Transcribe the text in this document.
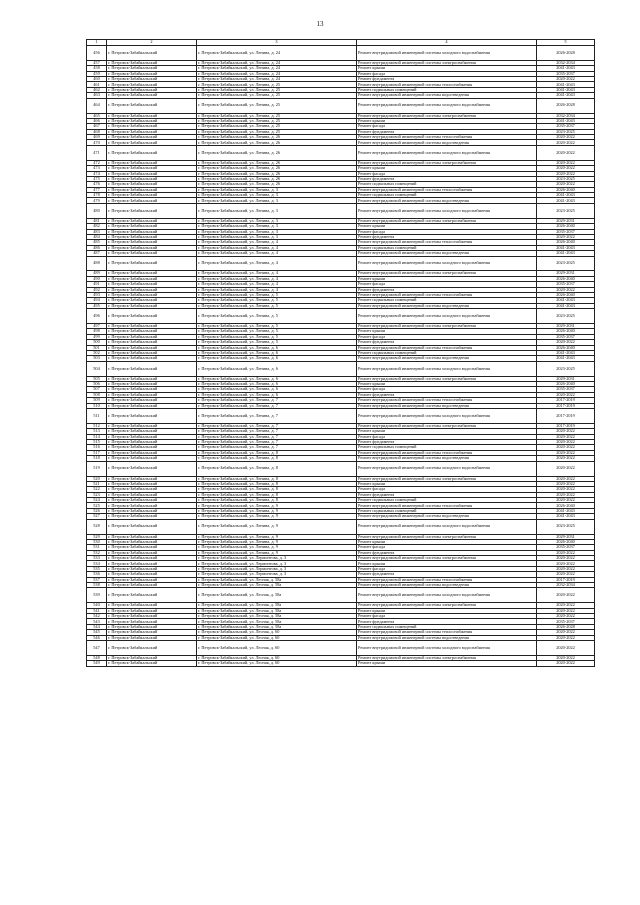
13
1	2	3	4	5
456	г. Петровск-Забайкальский	г. Петровск-Забайкальский, ул. Ленина, д. 24	Ремонт внутридомовой инженерной системы холодного водоснабжения	2026-2028
457	г. Петровск-Забайкальский	г. Петровск-Забайкальский, ул. Ленина, д. 24	Ремонт внутридомовой инженерной системы электроснабжения	2032-2034
458	г. Петровск-Забайкальский	г. Петровск-Забайкальский, ул. Ленина, д. 24	Ремонт крыши	2041-2043
459	г. Петровск-Забайкальский	г. Петровск-Забайкальский, ул. Ленина, д. 24	Ремонт фасада	2035-2037
460	г. Петровск-Забайкальский	г. Петровск-Забайкальский, ул. Ленина, д. 24	Ремонт фундамента	2020-2022
461	г. Петровск-Забайкальский	г. Петровск-Забайкальский, ул. Ленина, д. 25	Ремонт внутридомовой инженерной системы теплоснабжения	2041-2043
462	г. Петровск-Забайкальский	г. Петровск-Забайкальский, ул. Ленина, д. 25	Ремонт подвальных помещений	2041-2043
463	г. Петровск-Забайкальский	г. Петровск-Забайкальский, ул. Ленина, д. 25	Ремонт внутридомовой инженерной системы водоотведения	2041-2043
464	г. Петровск-Забайкальский	г. Петровск-Забайкальский, ул. Ленина, д. 25	Ремонт внутридомовой инженерной системы холодного водоснабжения	2026-2028
465	г. Петровск-Забайкальский	г. Петровск-Забайкальский, ул. Ленина, д. 25	Ремонт внутридомовой инженерной системы электроснабжения	2032-2034
466	г. Петровск-Забайкальский	г. Петровск-Забайкальский, ул. Ленина, д. 25	Ремонт крыши	2041-2043
467	г. Петровск-Забайкальский	г. Петровск-Забайкальский, ул. Ленина, д. 25	Ремонт фасада	2035-2037
468	г. Петровск-Забайкальский	г. Петровск-Забайкальский, ул. Ленина, д. 25	Ремонт фундамента	2023-2025
469	г. Петровск-Забайкальский	г. Петровск-Забайкальский, ул. Ленина, д. 26	Ремонт внутридомовой инженерной системы теплоснабжения	2020-2022
470	г. Петровск-Забайкальский	г. Петровск-Забайкальский, ул. Ленина, д. 26	Ремонт внутридомовой инженерной системы водоотведения	2020-2022
471	г. Петровск-Забайкальский	г. Петровск-Забайкальский, ул. Ленина, д. 26	Ремонт внутридомовой инженерной системы холодного водоснабжения	2020-2022
472	г. Петровск-Забайкальский	г. Петровск-Забайкальский, ул. Ленина, д. 26	Ремонт внутридомовой инженерной системы электроснабжения	2020-2022
473	г. Петровск-Забайкальский	г. Петровск-Забайкальский, ул. Ленина, д. 26	Ремонт крыши	2020-2022
474	г. Петровск-Забайкальский	г. Петровск-Забайкальский, ул. Ленина, д. 26	Ремонт фасада	2020-2022
475	г. Петровск-Забайкальский	г. Петровск-Забайкальский, ул. Ленина, д. 26	Ремонт фундамента	2023-2025
476	г. Петровск-Забайкальский	г. Петровск-Забайкальский, ул. Ленина, д. 26	Ремонт подвальных помещений	2020-2022
477	г. Петровск-Забайкальский	г. Петровск-Забайкальский, ул. Ленина, д. 3	Ремонт внутридомовой инженерной системы теплоснабжения	2026-2040
478	г. Петровск-Забайкальский	г. Петровск-Забайкальский, ул. Ленина, д. 3	Ремонт подвальных помещений	2041-2043
479	г. Петровск-Забайкальский	г. Петровск-Забайкальский, ул. Ленина, д. 3	Ремонт внутридомовой инженерной системы водоотведения	2041-2043
480	г. Петровск-Забайкальский	г. Петровск-Забайкальский, ул. Ленина, д. 3	Ремонт внутридомовой инженерной системы холодного водоснабжения	2023-2025
481	г. Петровск-Забайкальский	г. Петровск-Забайкальский, ул. Ленина, д. 3	Ремонт внутридомовой инженерной системы электроснабжения	2029-2031
482	г. Петровск-Забайкальский	г. Петровск-Забайкальский, ул. Ленина, д. 3	Ремонт крыши	2026-2040
483	г. Петровск-Забайкальский	г. Петровск-Забайкальский, ул. Ленина, д. 3	Ремонт фасада	2035-2037
484	г. Петровск-Забайкальский	г. Петровск-Забайкальский, ул. Ленина, д. 3	Ремонт фундамента	2020-2022
485	г. Петровск-Забайкальский	г. Петровск-Забайкальский, ул. Ленина, д. 4	Ремонт внутридомовой инженерной системы теплоснабжения	2026-2040
486	г. Петровск-Забайкальский	г. Петровск-Забайкальский, ул. Ленина, д. 4	Ремонт подвальных помещений	2041-2043
487	г. Петровск-Забайкальский	г. Петровск-Забайкальский, ул. Ленина, д. 4	Ремонт внутридомовой инженерной системы водоотведения	2041-2043
488	г. Петровск-Забайкальский	г. Петровск-Забайкальский, ул. Ленина, д. 4	Ремонт внутридомовой инженерной системы холодного водоснабжения	2023-2025
489	г. Петровск-Забайкальский	г. Петровск-Забайкальский, ул. Ленина, д. 4	Ремонт внутридомовой инженерной системы электроснабжения	2029-2031
490	г. Петровск-Забайкальский	г. Петровск-Забайкальский, ул. Ленина, д. 4	Ремонт крыши	2026-2040
491	г. Петровск-Забайкальский	г. Петровск-Забайкальский, ул. Ленина, д. 4	Ремонт фасада	2035-2037
492	г. Петровск-Забайкальский	г. Петровск-Забайкальский, ул. Ленина, д. 4	Ремонт фундамента	2020-2022
493	г. Петровск-Забайкальский	г. Петровск-Забайкальский, ул. Ленина, д. 5	Ремонт внутридомовой инженерной системы теплоснабжения	2026-2040
494	г. Петровск-Забайкальский	г. Петровск-Забайкальский, ул. Ленина, д. 5	Ремонт подвальных помещений	2041-2043
495	г. Петровск-Забайкальский	г. Петровск-Забайкальский, ул. Ленина, д. 5	Ремонт внутридомовой инженерной системы водоотведения	2041-2043
496	г. Петровск-Забайкальский	г. Петровск-Забайкальский, ул. Ленина, д. 5	Ремонт внутридомовой инженерной системы холодного водоснабжения	2023-2025
497	г. Петровск-Забайкальский	г. Петровск-Забайкальский, ул. Ленина, д. 5	Ремонт внутридомовой инженерной системы электроснабжения	2029-2031
498	г. Петровск-Забайкальский	г. Петровск-Забайкальский, ул. Ленина, д. 5	Ремонт крыши	2026-2040
499	г. Петровск-Забайкальский	г. Петровск-Забайкальский, ул. Ленина, д. 5	Ремонт фасада	2035-2037
500	г. Петровск-Забайкальский	г. Петровск-Забайкальский, ул. Ленина, д. 5	Ремонт фундамента	2020-2022
501	г. Петровск-Забайкальский	г. Петровск-Забайкальский, ул. Ленина, д. 6	Ремонт внутридомовой инженерной системы теплоснабжения	2026-2040
502	г. Петровск-Забайкальский	г. Петровск-Забайкальский, ул. Ленина, д. 6	Ремонт подвальных помещений	2041-2043
503	г. Петровск-Забайкальский	г. Петровск-Забайкальский, ул. Ленина, д. 6	Ремонт внутридомовой инженерной системы водоотведения	2041-2043
504	г. Петровск-Забайкальский	г. Петровск-Забайкальский, ул. Ленина, д. 6	Ремонт внутридомовой инженерной системы холодного водоснабжения	2023-2025
505	г. Петровск-Забайкальский	г. Петровск-Забайкальский, ул. Ленина, д. 6	Ремонт внутридомовой инженерной системы электроснабжения	2029-2031
506	г. Петровск-Забайкальский	г. Петровск-Забайкальский, ул. Ленина, д. 6	Ремонт крыши	2026-2040
507	г. Петровск-Забайкальский	г. Петровск-Забайкальский, ул. Ленина, д. 6	Ремонт фасада	2035-2037
508	г. Петровск-Забайкальский	г. Петровск-Забайкальский, ул. Ленина, д. 6	Ремонт фундамента	2020-2022
509	г. Петровск-Забайкальский	г. Петровск-Забайкальский, ул. Ленина, д. 7	Ремонт внутридомовой инженерной системы теплоснабжения	2017-2019
510	г. Петровск-Забайкальский	г. Петровск-Забайкальский, ул. Ленина, д. 7	Ремонт внутридомовой инженерной системы водоотведения	2017-2019
511	г. Петровск-Забайкальский	г. Петровск-Забайкальский, ул. Ленина, д. 7	Ремонт внутридомовой инженерной системы холодного водоснабжения	2017-2019
512	г. Петровск-Забайкальский	г. Петровск-Забайкальский, ул. Ленина, д. 7	Ремонт внутридомовой инженерной системы электроснабжения	2017-2019
513	г. Петровск-Забайкальский	г. Петровск-Забайкальский, ул. Ленина, д. 7	Ремонт крыши	2020-2022
514	г. Петровск-Забайкальский	г. Петровск-Забайкальский, ул. Ленина, д. 7	Ремонт фасада	2020-2022
515	г. Петровск-Забайкальский	г. Петровск-Забайкальский, ул. Ленина, д. 7	Ремонт фундамента	2020-2022
516	г. Петровск-Забайкальский	г. Петровск-Забайкальский, ул. Ленина, д. 7	Ремонт подвальных помещений	2020-2022
517	г. Петровск-Забайкальский	г. Петровск-Забайкальский, ул. Ленина, д. 8	Ремонт внутридомовой инженерной системы теплоснабжения	2020-2022
518	г. Петровск-Забайкальский	г. Петровск-Забайкальский, ул. Ленина, д. 8	Ремонт внутридомовой инженерной системы водоотведения	2020-2022
519	г. Петровск-Забайкальский	г. Петровск-Забайкальский, ул. Ленина, д. 8	Ремонт внутридомовой инженерной системы холодного водоснабжения	2020-2022
520	г. Петровск-Забайкальский	г. Петровск-Забайкальский, ул. Ленина, д. 8	Ремонт внутридомовой инженерной системы электроснабжения	2020-2022
521	г. Петровск-Забайкальский	г. Петровск-Забайкальский, ул. Ленина, д. 8	Ремонт крыши	2020-2022
522	г. Петровск-Забайкальский	г. Петровск-Забайкальский, ул. Ленина, д. 8	Ремонт фасада	2020-2022
523	г. Петровск-Забайкальский	г. Петровск-Забайкальский, ул. Ленина, д. 8	Ремонт фундамента	2020-2022
524	г. Петровск-Забайкальский	г. Петровск-Забайкальский, ул. Ленина, д. 8	Ремонт подвальных помещений	2020-2022
525	г. Петровск-Забайкальский	г. Петровск-Забайкальский, ул. Ленина, д. 9	Ремонт внутридомовой инженерной системы теплоснабжения	2026-2040
526	г. Петровск-Забайкальский	г. Петровск-Забайкальский, ул. Ленина, д. 9	Ремонт подвальных помещений	2041-2043
527	г. Петровск-Забайкальский	г. Петровск-Забайкальский, ул. Ленина, д. 9	Ремонт внутридомовой инженерной системы водоотведения	2041-2043
528	г. Петровск-Забайкальский	г. Петровск-Забайкальский, ул. Ленина, д. 9	Ремонт внутридомовой инженерной системы холодного водоснабжения	2023-2025
529	г. Петровск-Забайкальский	г. Петровск-Забайкальский, ул. Ленина, д. 9	Ремонт внутридомовой инженерной системы электроснабжения	2029-2031
530	г. Петровск-Забайкальский	г. Петровск-Забайкальский, ул. Ленина, д. 9	Ремонт крыши	2026-2040
531	г. Петровск-Забайкальский	г. Петровск-Забайкальский, ул. Ленина, д. 9	Ремонт фасада	2035-2037
532	г. Петровск-Забайкальский	г. Петровск-Забайкальский, ул. Ленина, д. 9	Ремонт фундамента	2020-2022
533	г. Петровск-Забайкальский	г. Петровск-Забайкальский, ул. Лермонтова, д. 3	Ремонт внутридомовой инженерной системы электроснабжения	2020-2022
534	г. Петровск-Забайкальский	г. Петровск-Забайкальский, ул. Лермонтова, д. 3	Ремонт крыши	2020-2022
535	г. Петровск-Забайкальский	г. Петровск-Забайкальский, ул. Лермонтова, д. 3	Ремонт фасада	2020-2022
536	г. Петровск-Забайкальский	г. Петровск-Забайкальский, ул. Лермонтова, д. 3	Ремонт фундамента	2020-2022
537	г. Петровск-Забайкальский	г. Петровск-Забайкальский, ул. Лесная, д. 58а	Ремонт внутридомовой инженерной системы теплоснабжения	2017-2019
538	г. Петровск-Забайкальский	г. Петровск-Забайкальский, ул. Лесная, д. 58а	Ремонт внутридомовой инженерной системы водоотведения	2032-2034
539	г. Петровск-Забайкальский	г. Петровск-Забайкальский, ул. Лесная, д. 58а	Ремонт внутридомовой инженерной системы холодного водоснабжения	2020-2022
540	г. Петровск-Забайкальский	г. Петровск-Забайкальский, ул. Лесная, д. 58а	Ремонт внутридомовой инженерной системы электроснабжения	2020-2022
541	г. Петровск-Забайкальский	г. Петровск-Забайкальский, ул. Лесная, д. 58а	Ремонт крыши	2020-2022
542	г. Петровск-Забайкальский	г. Петровск-Забайкальский, ул. Лесная, д. 58а	Ремонт фасада	2020-2022
543	г. Петровск-Забайкальский	г. Петровск-Забайкальский, ул. Лесная, д. 58а	Ремонт фундамента	2035-2037
544	г. Петровск-Забайкальский	г. Петровск-Забайкальский, ул. Лесная, д. 58а	Ремонт подвальных помещений	2026-2028
545	г. Петровск-Забайкальский	г. Петровск-Забайкальский, ул. Лесная, д. 60	Ремонт внутридомовой инженерной системы теплоснабжения	2020-2022
546	г. Петровск-Забайкальский	г. Петровск-Забайкальский, ул. Лесная, д. 60	Ремонт внутридомовой инженерной системы водоотведения	2020-2022
547	г. Петровск-Забайкальский	г. Петровск-Забайкальский, ул. Лесная, д. 60	Ремонт внутридомовой инженерной системы холодного водоснабжения	2020-2022
548	г. Петровск-Забайкальский	г. Петровск-Забайкальский, ул. Лесная, д. 60	Ремонт внутридомовой инженерной системы электроснабжения	2020-2022
549	г. Петровск-Забайкальский	г. Петровск-Забайкальский, ул. Лесная, д. 60	Ремонт крыши	2020-2022
